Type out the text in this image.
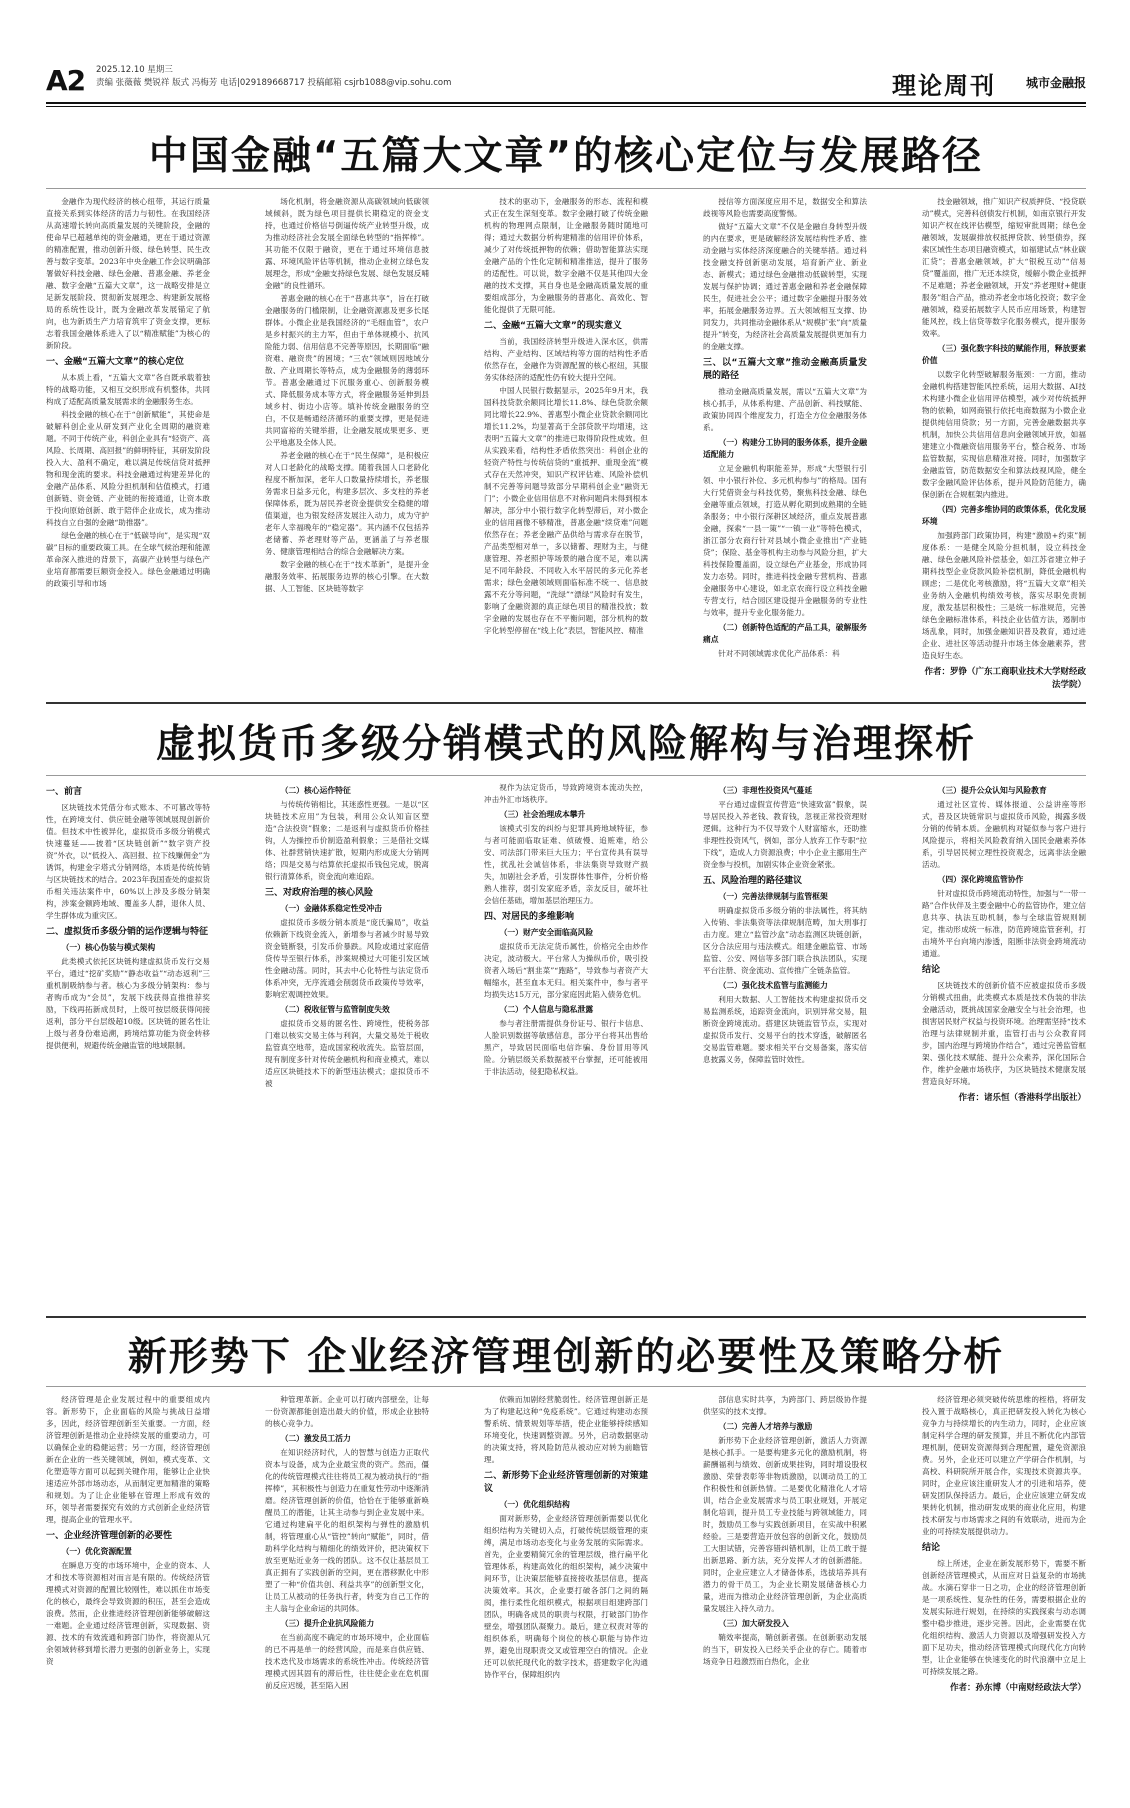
A2 2025.12.10 星期三
责编 张薇薇 樊锐祥 版式 冯梅芳 电话|029189668717 投稿邮箱 csjrb1088@vip.sohu.com	理论周刊 城市金融报
中国金融“五篇大文章”的核心定位与发展路径

金融作为现代经济的核心纽带，其运行质量直接关系到实体经济的活力与韧性。在我国经济从高速增长转向高质量发展的关键阶段，金融的使命早已超越单纯的资金融通，更在于通过资源的精准配置，推动创新升级、绿色转型、民生改善与数字变革。2023年中央金融工作会议明确部署做好科技金融、绿色金融、普惠金融、养老金融、数字金融“五篇大文章”，这一战略安排是立足新发展阶段、贯彻新发展理念、构建新发展格局的系统性设计，既为金融改革发展锚定了航向，也为新质生产力培育筑牢了资金支撑，更标志着我国金融体系进入了以“精准赋能”为核心的新阶段。

一、金融“五篇大文章”的核心定位

从本质上看，“五篇大文章”各自既承载着独特的战略功能，又相互交织形成有机整体，共同构成了适配高质量发展需求的金融服务生态。

科技金融的核心在于“创新赋能”，其使命是破解科创企业从研发到产业化全周期的融资难题。不同于传统产业，科创企业具有“轻资产、高风险、长周期、高回报”的鲜明特征，其研发阶段投入大、盈利不确定，难以满足传统信贷对抵押物和现金流的要求。科技金融通过构建差异化的金融产品体系、风险分担机制和估值模式，打通创新链、资金链、产业链的衔接通道，让资本敢于投向原始创新、敢于陪伴企业成长，成为推动科技自立自强的金融“助推器”。

绿色金融的核心在于“低碳导向”，是实现“双碳”目标的重要政策工具。在全球气候治理和能源革命深入推进的背景下，高碳产业转型与绿色产业培育都需要巨额资金投入。绿色金融通过明确的政策引导和市场

场化机制，将金融资源从高碳领域向低碳领域倾斜，既为绿色项目提供长期稳定的资金支持，也通过价格信号倒逼传统产业转型升级，成为推动经济社会发展全面绿色转型的“指挥棒”。其功能不仅限于融资，更在于通过环境信息披露、环境风险评估等机制，推动企业树立绿色发展理念，形成“金融支持绿色发展、绿色发展反哺金融”的良性循环。

普惠金融的核心在于“普惠共享”，旨在打破金融服务的门槛限制，让金融资源惠及更多长尾群体。小微企业是我国经济的“毛细血管”，农户是乡村振兴的主力军，但由于单体规模小、抗风险能力弱、信用信息不完善等原因，长期面临“融资难、融资贵”的困境；“三农”领域则因地域分散、产业周期长等特点，成为金融服务的薄弱环节。普惠金融通过下沉服务重心、创新服务模式、降低服务成本等方式，将金融服务延伸到县域乡村、街边小店等。填补传统金融服务的空白，不仅是畅通经济循环的重要支撑，更是促进共同富裕的关键举措，让金融发展成果更多、更公平地惠及全体人民。

养老金融的核心在于“民生保障”，是积极应对人口老龄化的战略支撑。随着我国人口老龄化程度不断加深，老年人口数量持续增长，养老服务需求日益多元化，构建多层次、多支柱的养老保障体系，既为居民养老资金提供安全稳健的增值渠道，也为银发经济发展注入动力，成为守护老年人幸福晚年的“稳定器”。其内涵不仅包括养老储蓄、养老理财等产品，更涵盖了与养老服务、健康管理相结合的综合金融解决方案。

数字金融的核心在于“技术革新”，是提升金融服务效率、拓展服务边界的核心引擎。在大数据、人工智能、区块链等数字

技术的驱动下，金融服务的形态、流程和模式正在发生深刻变革。数字金融打破了传统金融机构的物理网点限制，让金融服务随时随地可得；通过大数据分析构建精准的信用评价体系，减少了对传统抵押物的依赖；借助智能算法实现金融产品的个性化定制和精准推送，提升了服务的适配性。可以说，数字金融不仅是其他四大金融的技术支撑，其自身也是金融高质量发展的重要组成部分，为金融服务的普惠化、高效化、智能化提供了无限可能。

二、金融“五篇大文章”的现实意义

当前，我国经济转型升级进入深水区，供需结构、产业结构、区域结构等方面的结构性矛盾依然存在，金融作为资源配置的核心枢纽，其服务实体经济的适配性仍有较大提升空间。

中国人民银行数据显示，2025年9月末，我国科技贷款余额同比增长11.8%、绿色贷款余额同比增长22.9%、普惠型小微企业贷款余额同比增长11.2%，均显著高于全部贷款平均增速，这表明“五篇大文章”的推进已取得阶段性成效。但从实践来看，结构性矛盾依然突出：科创企业的轻资产特性与传统信贷的“重抵押、重现金流”模式存在天然冲突，知识产权评估难、风险补偿机制不完善等问题导致部分早期科创企业“融资无门”；小微企业信用信息不对称问题尚未得到根本解决，部分中小银行数字化转型滞后，对小微企业的信用画像不够精准，普惠金融“续贷难”问题依然存在；养老金融产品供给与需求存在脱节，产品类型相对单一，多以储蓄、理财为主，与健康管理、养老照护等场景的融合度不足，难以满足不同年龄段、不同收入水平居民的多元化养老需求；绿色金融领域则面临标准不统一、信息披露不充分等问题，“洗绿”“漂绿”风险时有发生，影响了金融资源的真正绿色项目的精准投放；数字金融的发展也存在不平衡问题，部分机构的数字化转型停留在“线上化”表层，智能风控、精准

授信等方面深度应用不足，数据安全和算法歧视等风险也需要高度警惕。

做好“五篇大文章”不仅是金融自身转型升级的内在要求，更是破解经济发展结构性矛盾、推动金融与实体经济深度融合的关键举措。通过科技金融支持创新驱动发展，培育新产业、新业态、新模式；通过绿色金融推动低碳转型，实现发展与保护协调；通过普惠金融和养老金融保障民生，促进社会公平；通过数字金融提升服务效率，拓展金融服务边界。五大领域相互支撑、协同发力，共同推动金融体系从“规模扩张”向“质量提升”转变，为经济社会高质量发展提供更加有力的金融支撑。

三、以“五篇大文章”推动金融高质量发展的路径

推动金融高质量发展，需以“五篇大文章”为核心抓手，从体系构建、产品创新、科技赋能、政策协同四个维度发力，打造全方位金融服务体系。

（一）构建分工协同的服务体系，提升金融适配能力

立足金融机构职能差异，形成“大型银行引领、中小银行补位、多元机构参与”的格局。国有大行凭借资金与科技优势，聚焦科技金融、绿色金融等重点领域，打造从孵化期到成熟期的全链条服务；中小银行深耕区域经济，重点发展普惠金融，探索“一县一策”“一镇一业”等特色模式，浙江部分农商行针对县域小微企业推出“产业链贷”；保险、基金等机构主动参与风险分担，扩大科技保险覆盖面，设立绿色产业基金，形成协同发力态势。同时，推进科技金融专营机构、普惠金融服务中心建设，如北京农商行设立科技金融专营支行，结合园区建设提升金融服务的专业性与效率，提升专业化服务能力。

（二）创新特色适配的产品工具，破解服务痛点

针对不同领域需求优化产品体系：科

技金融领域，推广知识产权质押贷、“投贷联动”模式，完善科创债发行机制，如南京银行开发知识产权在线评估模型，缩短审批周期；绿色金融领域，发展碳排放权抵押贷款、转型债券，探索区域性生态项目融资模式，如福建试点“林业碳汇贷”；普惠金融领域，扩大“银税互动”“信易贷”覆盖面，推广无还本续贷，缓解小微企业抵押不足难题；养老金融领域，开发“养老理财+健康服务”组合产品，推动养老金市场化投资；数字金融领域，稳妥拓展数字人民币应用场景，构建智能风控，线上信贷等数字化服务模式，提升服务效率。

（三）强化数字科技的赋能作用，释放要素价值

以数字化转型破解服务瓶颈：一方面，推动金融机构搭建智能风控系统，运用大数据、AI技术构建小微企业信用评估模型，减少对传统抵押物的依赖，如网商银行依托电商数据为小微企业提供纯信用贷款；另一方面，完善金融数据共享机制，加快公共信用信息向金融领域开放，如福建建立小微融资信用服务平台，整合税务、市场监管数据，实现信息精准对接。同时，加强数字金融监管，防范数据安全和算法歧视风险，健全数字金融风险评估体系，提升风险防范能力，确保创新在合规框架内推进。

（四）完善多维协同的政策体系，优化发展环境

加强跨部门政策协同，构建“激励+约束”制度体系：一是健全风险分担机制，设立科技金融、绿色金融风险补偿基金，如江苏省建立伸子期科技型企业贷款风险补偿机制，降低金融机构顾虑；二是优化考核激励，将“五篇大文章”相关业务纳入金融机构绩效考核，落实尽职免责制度，激发基层积极性；三是统一标准规范，完善绿色金融标准体系，科技企业估值方法，遏制市场乱象，同时，加强金融知识普及教育，通过进企业、进社区等活动提升市场主体金融素养，营造良好生态。

作者：罗铮（广东工商职业技术大学财经政法学院）
虚拟货币多级分销模式的风险解构与治理探析
一、前言

区块链技术凭借分布式账本、不可篡改等特性，在跨境支付、供应链金融等领域展现创新价值。但技术中性被异化，虚拟货币多级分销模式快速蔓延——披着“区块链创新”“数字资产投资”外衣，以“低投入、高回报、拉下线赚佣金”为诱饵，构建金字塔式分销网络，本质是传统传销与区块链技术的结合。2023年我国查处的虚拟货币相关违法案件中，60%以上涉及多级分销架构，涉案金额跨地域、覆盖多人群，退休人员、学生群体成为重灾区。

二、虚拟货币多级分销的运作逻辑与特征
（一）核心伪装与模式架构

此类模式依托区块链构建虚拟货币发行交易平台，通过“挖矿奖励”“静态收益”“动态返利”三重机制吸纳参与者。核心为多级分销架构：参与者购币成为“会员”，发展下线获得直推推荐奖励，下线再拓新成员时，上级可按层级获得间接返利，部分平台层级超10级。区块链的匿名性让上级与者身份难追溯，跨境结算功能为资金转移提供便利，规避传统金融监管的地域限制。

（二）核心运作特征

与传统传销相比，其迷惑性更强。一是以“区块链技术应用”为包装，利用公众认知盲区塑造“合法投资”假象；二是返利与虚拟货币价格挂钩，人为操控币价制造盈利假象；三是借社交媒体、社群营销快速扩散，短期内形成庞大分销网络；四是交易与结算依托虚拟币钱包完成，脱离银行清算体系，资金流向难追踪。

三、对政府治理的核心风险
（一）金融体系稳定性受冲击

虚拟货币多级分销本质是“庞氏骗局”，收益依赖新下线资金流入，新增参与者减少时易导致资金链断裂，引发币价暴跌。风险或通过家庭借贷传导至银行体系，涉案规模过大可能引发区域性金融动荡。同时，其去中心化特性与法定货币体系冲突，无序流通会削弱货币政策传导效率，影响宏观调控效果。

（二）税收征管与监管制度失效

虚拟货币交易的匿名性、跨境性，使税务部门难以核实交易主体与利润，大量交易处于税收监管真空地带，造成国家税收流失。监管层面，现有制度多针对传统金融机构和商业模式，难以适应区块链技术下的新型违法模式；虚拟货币不被

视作为法定货币，导致跨境资本流动失控，冲击外汇市场秩序。

（三）社会治理成本攀升

该模式引发的纠纷与犯罪具跨地域特征，参与者可能面临取证难、侦破慢、追赃难，给公安、司法部门带来巨大压力；平台宣传具有误导性，扰乱社会诚信体系，非法集资导致财产损失，加剧社会矛盾，引发群体性事件，分析价格熟人推荐，弱引发家庭矛盾，亲友反目，破坏社会信任基础，增加基层治理压力。

四、对居民的多维影响
（一）财产安全面临高风险

虚拟货币无法定货币属性，价格完全由炒作决定，波动极大。平台常人为操纵币价，吸引投资者入场后“割韭菜”“跑路”，导致参与者资产大幅缩水，甚至血本无归。相关案件中，参与者平均损失达15万元，部分家庭因此陷入债务危机。

（二）个人信息与隐私泄露

参与者注册需提供身份证号、银行卡信息、人脸识别数据等敏感信息，部分平台将其出售给黑产，导致居民面临电信诈骗、身份冒用等风险。分销层级关系数据被平台掌握，还可能被用于非法活动，侵犯隐私权益。

（三）非理性投资风气蔓延

平台通过虚假宣传营造“快速致富”假象，误导居民投入养老钱、教育钱，忽视正常投资理财逻辑。这种行为不仅导致个人财富缩水，还助推非理性投资风气，例如，部分人放弃工作专职“拉下线”，造成人力资源浪费；中小企业主挪用生产资金参与投机，加剧实体企业资金紧张。

五、风险治理的路径建议
（一）完善法律规制与监管框架

明确虚拟货币多级分销的非法属性，将其纳入传销、非法集资等法律规制范畴，加大刑事打击力度。建立“监管沙盒”动态监测区块链创新，区分合法应用与违法模式。组建金融监管、市场监管、公安、网信等多部门联合执法团队，实现平台注册、资金流动、宣传推广全链条监管。

（二）强化技术监管与监测能力

利用大数据、人工智能技术构建虚拟货币交易监测系统，追踪资金流向，识别异常交易，阻断资金跨境流动。搭建区块链监管节点，实现对虚拟货币发行、交易平台的技术穿透，破解匿名交易监管难题。要求相关平台交易备案，落实信息披露义务，保障监管时效性。

（三）提升公众认知与风险教育

通过社区宣传、媒体报道、公益讲座等形式，普及区块链常识与虚拟货币风险，揭露多级分销的传销本质。金融机构对疑似参与客户进行风险提示，将相关风险教育纳入国民金融素养体系，引导居民树立理性投资观念，远离非法金融活动。

（四）深化跨境监管协作

针对虚拟货币跨境流动特性，加强与“一带一路”合作伙伴及主要金融中心的监管协作，建立信息共享、执法互助机制，参与全球监管规则制定，推动形成统一标准，防范跨境监管套利，打击境外平台向境内渗透，阻断非法资金跨境流动通道。

结论

区块链技术的创新价值不应被虚拟货币多级分销模式扭曲，此类模式本质是技术伪装的非法金融活动，既挑战国家金融安全与社会治理，也损害居民财产权益与投资环境。治理需坚持“技术治理与法律规制并重，监管打击与公众教育同步，国内治理与跨境协作结合”，通过完善监管框架、强化技术赋能、提升公众素养，深化国际合作，维护金融市场秩序，为区块链技术健康发展营造良好环境。

作者：诸乐恒（香港科学出版社）
新形势下 企业经济管理创新的必要性及策略分析

经济管理是企业发展过程中的重要组成内容。新形势下，企业面临的风险与挑战日益增多，因此，经济管理创新至关重要。一方面，经济管理创新是推动企业持续发展的重要动力，可以确保企业的稳健运营；另一方面，经济管理创新在企业的一些关键领域，例如，模式变革、文化塑造等方面可以起到关键作用，能够让企业快速适应外部市场动态，从而制定更加精准的策略和规划。为了让企业能够在管理上形成有效的环，领导者需要探究有效的方式创新企业经济管理，提高企业的管理水平。

一、企业经济管理创新的必要性
（一）优化资源配置

在瞬息万变的市场环境中，企业的资本、人才和技术等资源相对而言是有限的。传统经济管理模式对资源的配置比较刚性，难以抓住市场变化的核心，最终会导致资源的积压，甚至会造成浪费。然而，企业推进经济管理创新能够破解这一难题。企业通过经济管理创新，实现数据、资源、技术的有效流通和跨部门协作，将资源从冗余领域转移到增长潜力更强的创新业务上，实现资

种管理革新。企业可以打破内部壁垒，让每一份资源都能创造出最大的价值，形成企业独特的核心竞争力。

（二）激发员工活力

在知识经济时代，人的智慧与创造力正取代资本与设备，成为企业最宝贵的资产。然而，僵化的传统管理模式往往将员工视为被动执行的“指挥棒”，其积极性与创造力在重复性劳动中逐渐消磨。经济管理创新的价值，恰恰在于能够重新唤醒员工的潜能，让其主动参与到企业发展中来。它通过构建扁平化的组织架构与弹性的激励机制，将管理重心从“管控”转向“赋能”，同时，借助科学化结构与精细化的绩效评价，把决策权下放至更贴近业务一线的团队。这不仅让基层员工真正拥有了实践创新的空间，更在潜移默化中形塑了一种“价值共创、利益共享”的创新型文化，让员工从被动的任务执行者，转变为自己工作的主人翁与企业命运的共同体。

（三）提升企业抗风险能力

在当前高度不确定的市场环境中，企业面临的已不再是单一的经营风险，而是来自供应链、技术迭代及市场需求的系统性冲击。传统经济管理模式因其固有的滞后性，往往使企业在危机面前反应迟缓，甚至陷入困

依赖而加剧经营脆弱性。经济管理创新正是为了构建起这种“免疫系统”。它通过构建动态预警系统、情景规划等举措，使企业能够持续感知环境变化，快速调整资源。另外，启动数据驱动的决策支持，将风险防范从被动应对转为前瞻管理。

二、新形势下企业经济管理创新的对策建议
（一）优化组织结构

面对新形势，企业经济管理创新需要以优化组织结构为关键切入点，打破传统层级管理的束缚，满足市场动态变化与业务发展的实际需求。首先，企业要精简冗余的管理层级，推行扁平化管理体系，构建高效化的组织架构，减少决策中间环节，让决策层能够直接接收基层信息，提高决策效率。其次，企业要打破各部门之间的隔阂，推行柔性化组织模式，根据项目组建跨部门团队，明确各成员的职责与权限，打破部门协作壁垒，增强团队凝聚力。最后，建立权责对等的组织体系，明确每个岗位的核心职能与协作边界，避免出现职责交叉或管理空白的情况。企业还可以依托现代化的数字技术，搭建数字化沟通协作平台，保障组织内

部信息实时共享，为跨部门、跨层级协作提供坚实的技术支撑。

（二）完善人才培养与激励

新形势下企业经济管理创新，激活人力资源是核心抓手。一是要构建多元化的激励机制，将薪酬福利与绩效、创新成果挂钩，同时增设股权激励、荣誉表彰等非物质激励，以调动员工的工作积极性和创新热情。二是要优化精准化人才培训，结合企业发展需求与员工职业规划，开展定制化培训，提升员工专业技能与跨领域能力，同时，鼓励员工参与实践创新项目，在实战中积累经验。三是要营造开放包容的创新文化，鼓励员工大胆试错，完善容错纠错机制，让员工敢于提出新思路、新方法，充分发挥人才的创新潜能。同时，企业应建立人才储备体系，选拔培养具有潜力的骨干员工，为企业长期发展储备核心力量，进而为推动企业经济管理创新，为企业高质量发展注入持久动力。

（三）加大研发投入

鞘效率提高，鞘创新者强。在创新驱动发展的当下，研发投入已经关乎企业的存亡。随着市场竞争日趋激烈而白热化，企业

经济管理必须突破传统思维的桎梏，将研发投入置于战略核心，真正把研发投入转化为核心竞争力与持续增长的内生动力，同时，企业应该制定科学合理的研发预算，并且不断优化内部管理机制，使研发资源得到合理配置，避免资源浪费。另外，企业还可以建立产学研合作机制，与高校、科研院所开展合作，实现技术资源共享。同时，企业应该注重研发人才的引进和培养，使研发团队保持活力。最后，企业应该建立研发成果转化机制，推动研发成果的商业化应用，构建技术研发与市场需求之间的有效联动，进而为企业的可持续发展提供动力。

结论

综上所述，企业在新发展形势下，需要不断创新经济管理模式，从而应对日益复杂的市场挑战。水滴石穿非一日之功，企业的经济管理创新是一项系统性、复杂性的任务，需要根据企业的发展实际进行规划，在持续的实践探索与动态调整中稳步推进，逐步完善。因此，企业需要在优化组织结构、激活人力资源以及增强研发投入方面下足功夫，推动经济管理模式向现代化方向转型，让企业能够在快速变化的时代浪潮中立足上可持续发展之路。

作者：孙东博（中南财经政法大学）
